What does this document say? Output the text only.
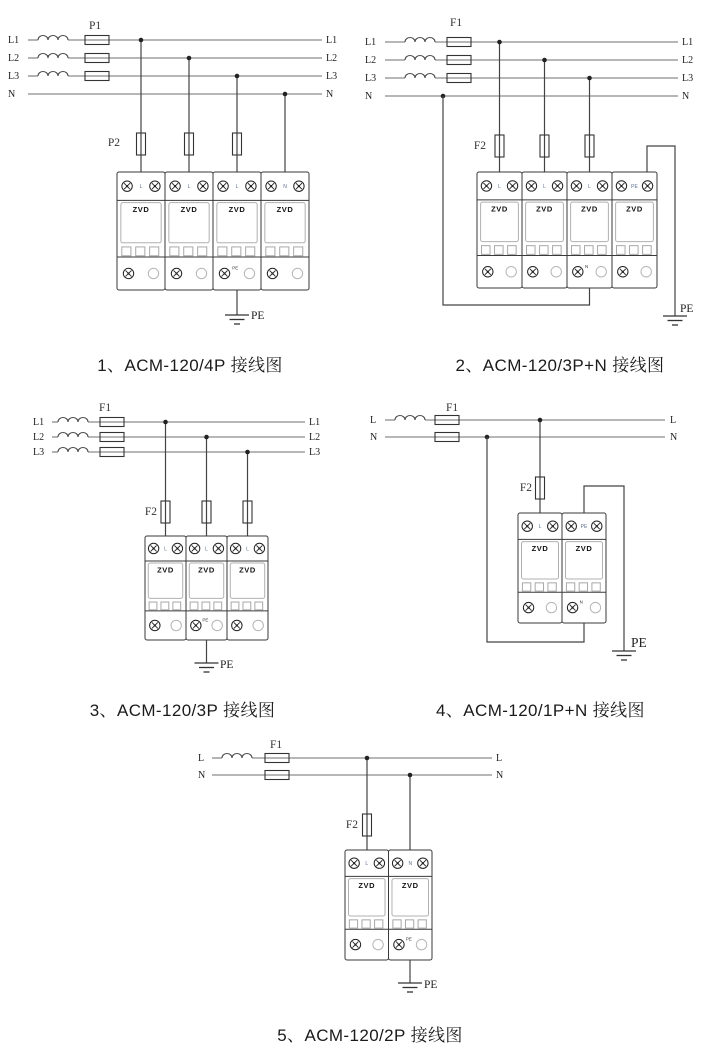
P1
L1
L2
L3
N
L1
L2
L3
N
P2
L
ZVD
L
ZVD
L
ZVD
PE
N
ZVD
PE
F1
L1
L2
L3
N
L1
L2
L3
N
F2
L
ZVD
L
ZVD
L
ZVD
N
PE
ZVD
PE
F1
L1
L2
L3
L1
L2
L3
F2
L
ZVD
L
ZVD
PE
L
ZVD
PE
F1
L
N
L
N
F2
L
ZVD
PE
ZVD
N
PE
F1
L
N
L
N
F2
L
ZVD
N
ZVD
PE
PE
1、ACM-120/4P 接线图	2、ACM-120/3P+N 接线图
3、ACM-120/3P 接线图	4、ACM-120/1P+N 接线图
5、ACM-120/2P 接线图
